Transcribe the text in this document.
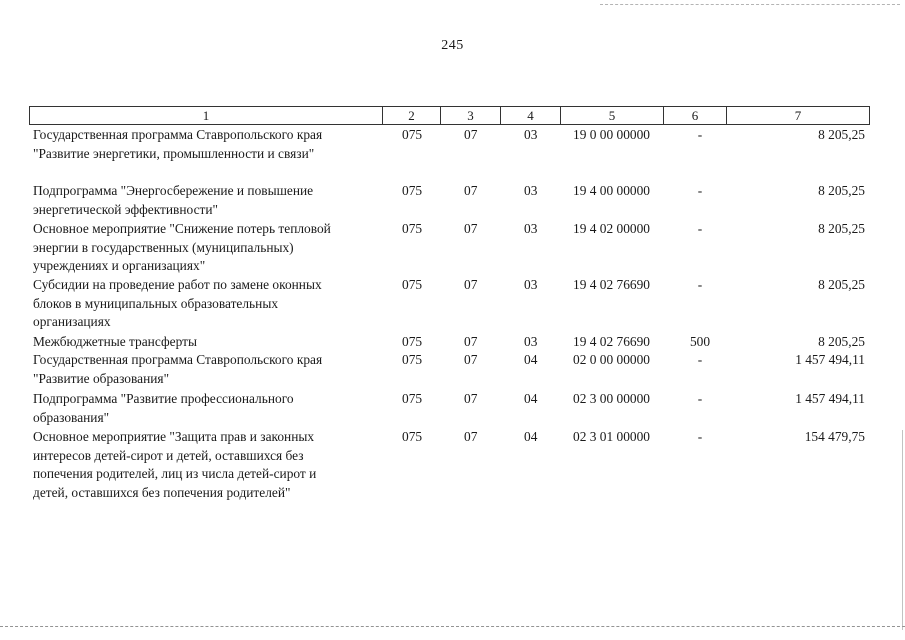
245
1	2	3	4	5	6	7
Государственная программа Ставропольского края
"Развитие энергетики, промышленности и связи"
075	07	03	19 0 00 00000	-	8 205,25
Подпрограмма "Энергосбережение и повышение
энергетической эффективности"
075	07	03	19 4 00 00000	-	8 205,25
Основное мероприятие "Снижение потерь тепловой
энергии в государственных (муниципальных)
учреждениях и организациях"
075	07	03	19 4 02 00000	-	8 205,25
Субсидии на проведение работ по замене оконных
блоков в муниципальных образовательных
организациях
075	07	03	19 4 02 76690	-	8 205,25
Межбюджетные трансферты	075	07	03	19 4 02 76690	500	8 205,25
Государственная программа Ставропольского края
"Развитие образования"
075	07	04	02 0 00 00000	-	1 457 494,11
Подпрограмма "Развитие профессионального
образования"
075	07	04	02 3 00 00000	-	1 457 494,11
Основное мероприятие "Защита прав и законных
интересов детей-сирот и детей, оставшихся без
попечения родителей, лиц из числа детей-сирот и
детей, оставшихся без попечения родителей"
075	07	04	02 3 01 00000	-	154 479,75
